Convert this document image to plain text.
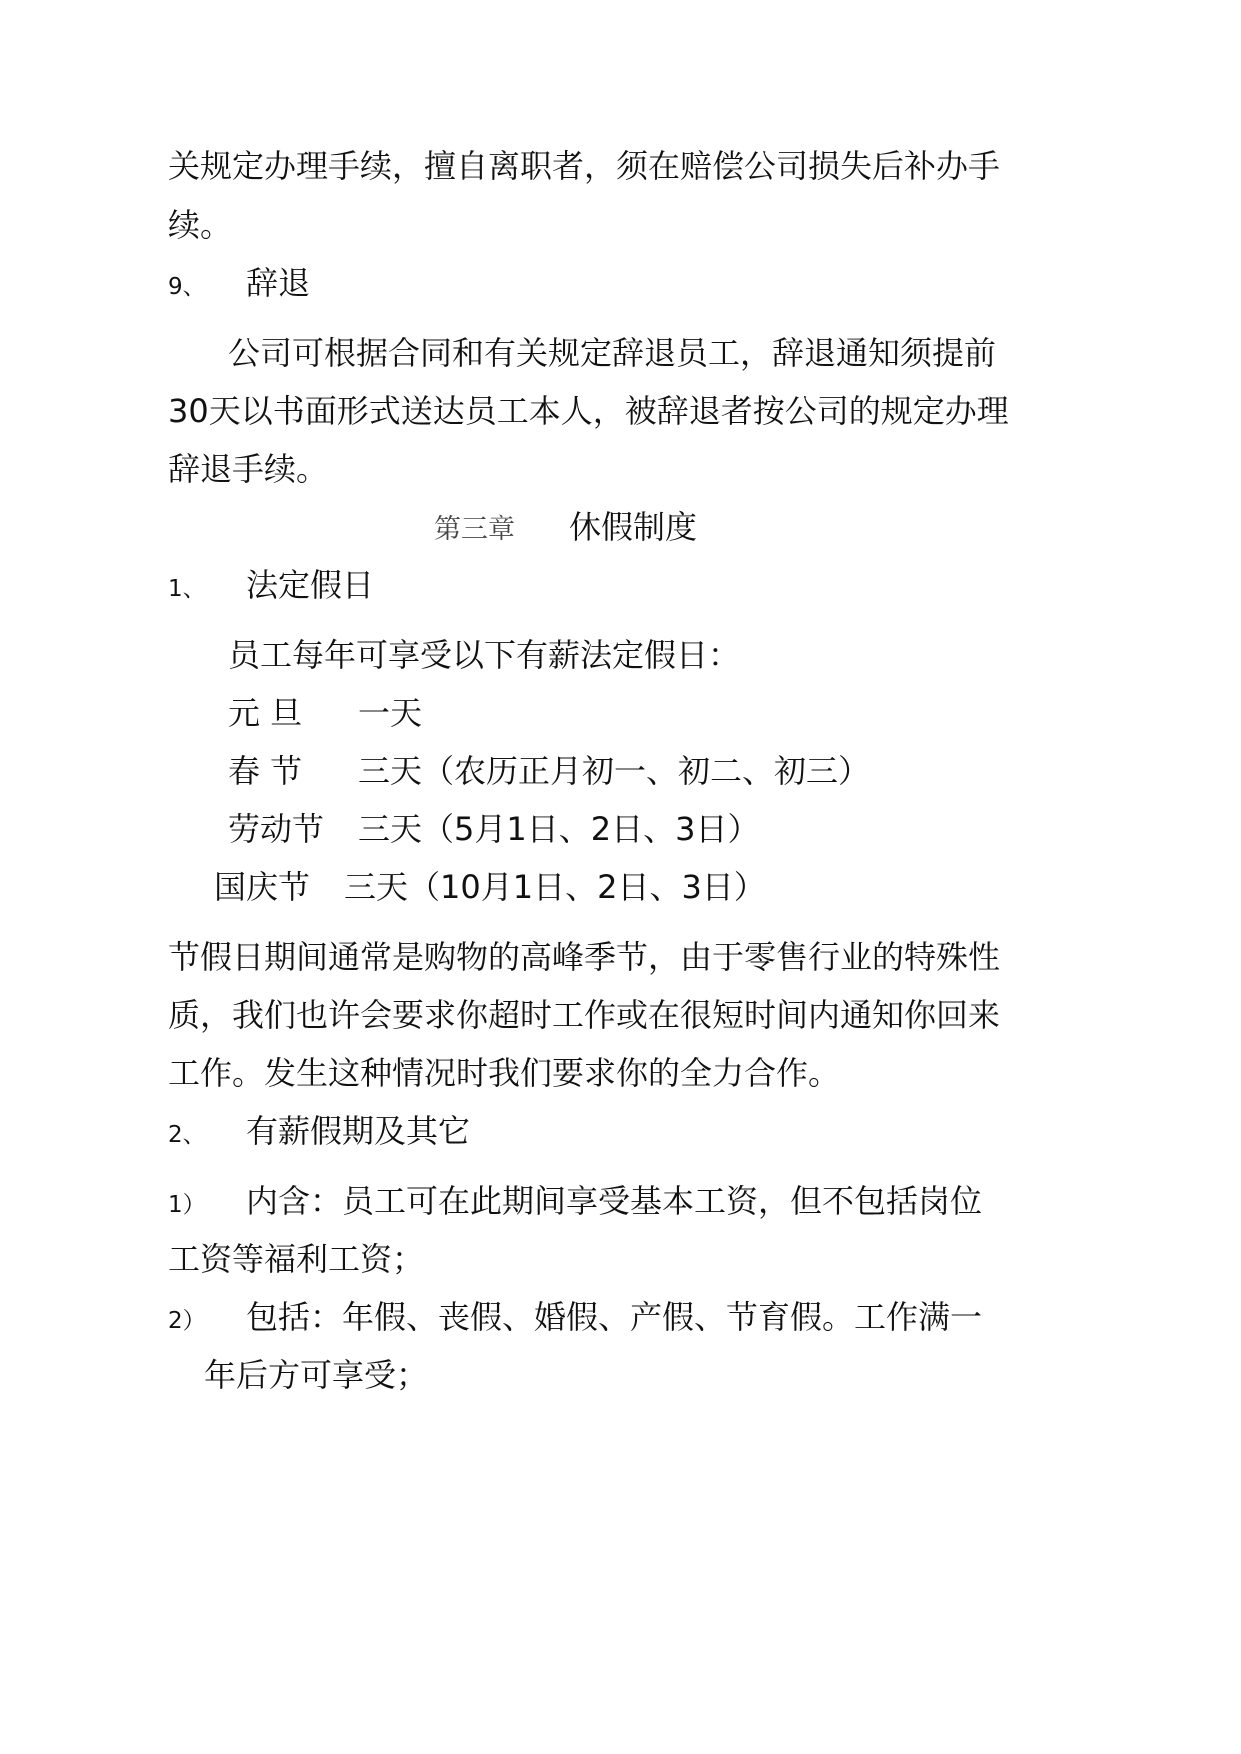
关规定办理手续，擅自离职者，须在赔偿公司损失后补办手
续。
9、 辞退
公司可根据合同和有关规定辞退员工，辞退通知须提前
30天以书面形式送达员工本人，被辞退者按公司的规定办理
辞退手续。
第三章 休假制度
1、 法定假日
员工每年可享受以下有薪法定假日：
元 旦 一天
春 节 三天（农历正月初一、初二、初三）
劳动节 三天（5月1日、2日、3日）
国庆节 三天（10月1日、2日、3日）
节假日期间通常是购物的高峰季节，由于零售行业的特殊性
质，我们也许会要求你超时工作或在很短时间内通知你回来
工作。发生这种情况时我们要求你的全力合作。
2、 有薪假期及其它
1） 内含：员工可在此期间享受基本工资，但不包括岗位
工资等福利工资；
2） 包括：年假、丧假、婚假、产假、节育假。工作满一
年后方可享受；
